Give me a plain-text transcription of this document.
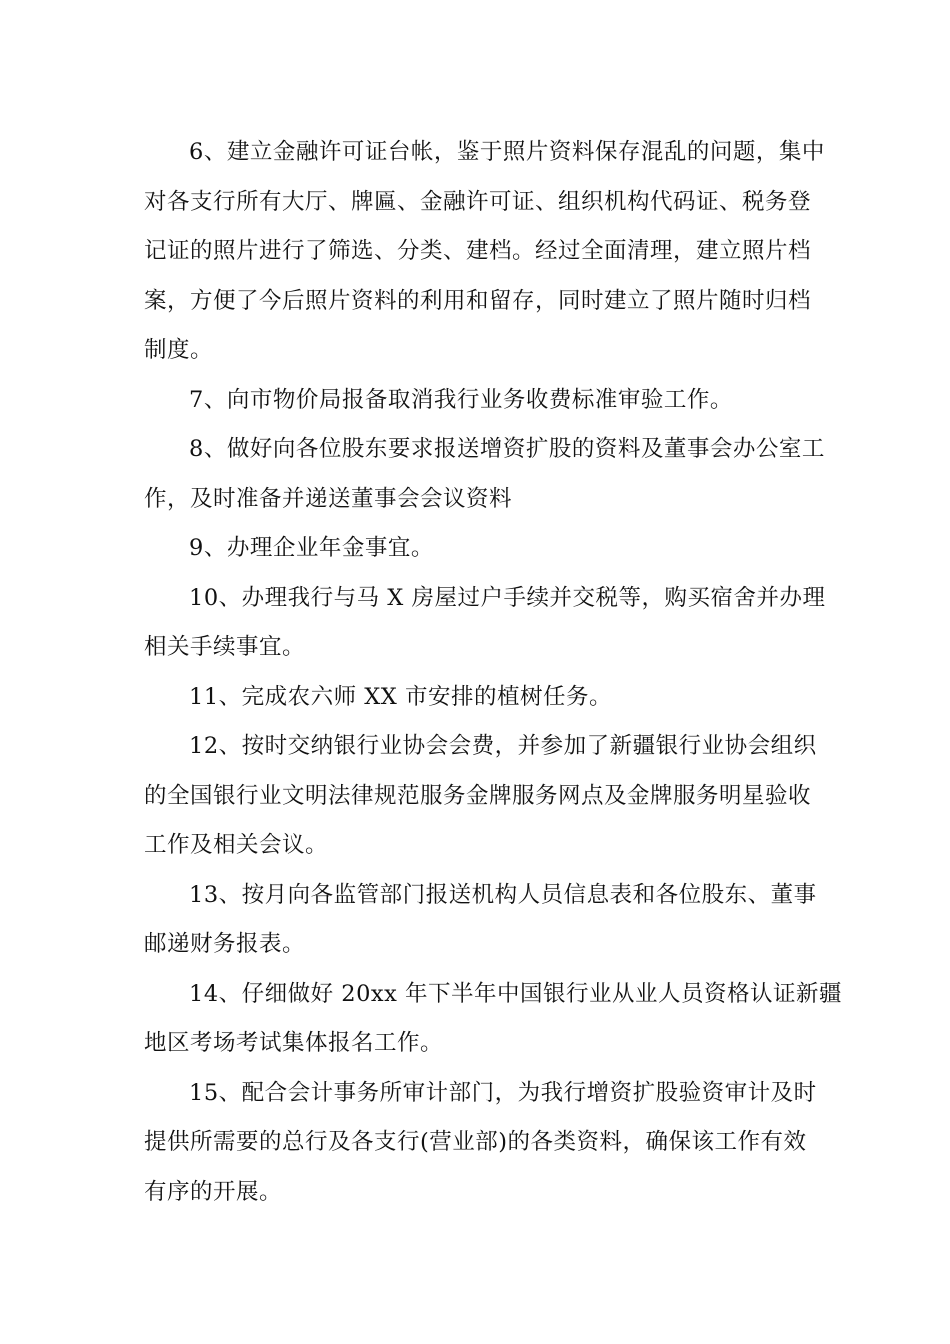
6、建立金融许可证台帐，鉴于照片资料保存混乱的问题，集中
对各支行所有大厅、牌匾、金融许可证、组织机构代码证、税务登
记证的照片进行了筛选、分类、建档。经过全面清理，建立照片档
案，方便了今后照片资料的利用和留存，同时建立了照片随时归档
制度。
7、向市物价局报备取消我行业务收费标准审验工作。
8、做好向各位股东要求报送增资扩股的资料及董事会办公室工
作，及时准备并递送董事会会议资料
9、办理企业年金事宜。
10、办理我行与马 X 房屋过户手续并交税等，购买宿舍并办理
相关手续事宜。
11、完成农六师 XX 市安排的植树任务。
12、按时交纳银行业协会会费，并参加了新疆银行业协会组织
的全国银行业文明法律规范服务金牌服务网点及金牌服务明星验收
工作及相关会议。
13、按月向各监管部门报送机构人员信息表和各位股东、董事
邮递财务报表。
14、仔细做好 20xx 年下半年中国银行业从业人员资格认证新疆
地区考场考试集体报名工作。
15、配合会计事务所审计部门，为我行增资扩股验资审计及时
提供所需要的总行及各支行(营业部)的各类资料，确保该工作有效
有序的开展。
